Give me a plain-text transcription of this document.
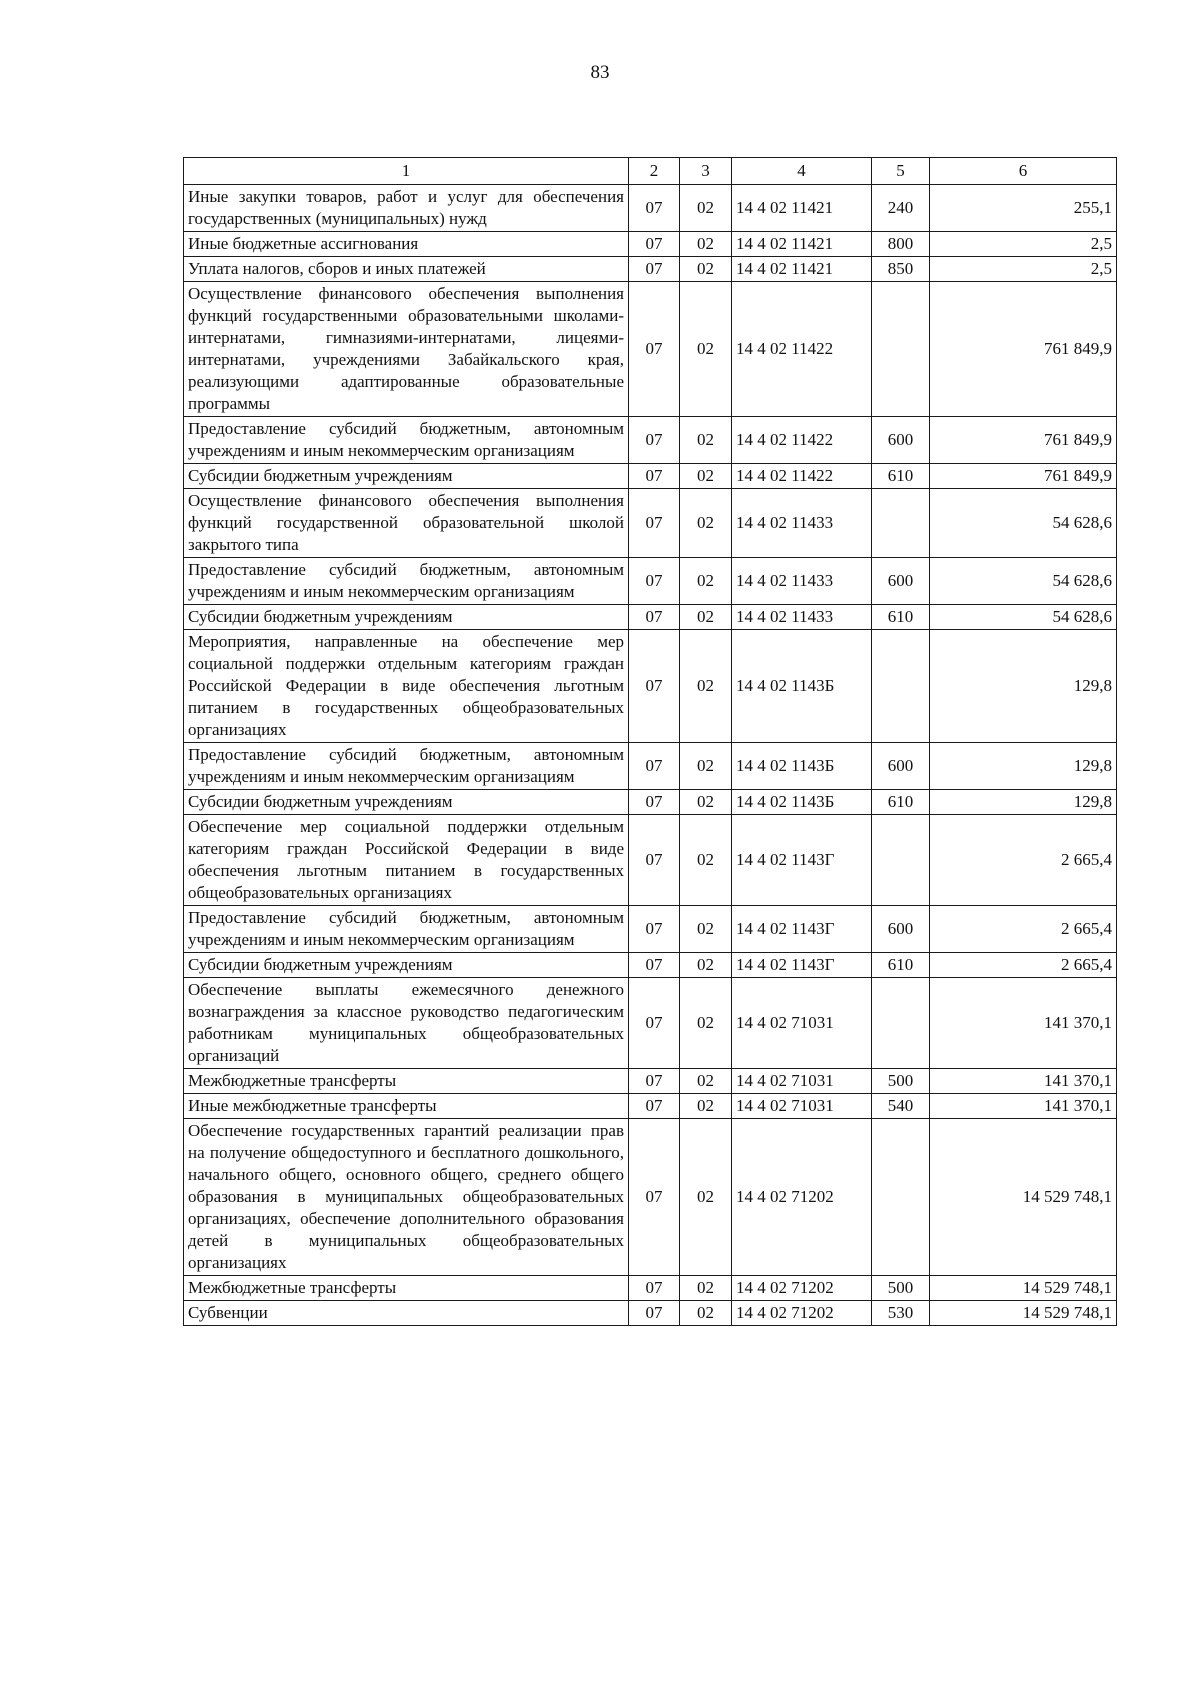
83
1	2	3	4	5	6
Иные закупки товаров, работ и услуг для обеспечения государственных (муниципальных) нужд	07	02	14 4 02 11421	240	255,1
Иные бюджетные ассигнования	07	02	14 4 02 11421	800	2,5
Уплата налогов, сборов и иных платежей	07	02	14 4 02 11421	850	2,5
Осуществление финансового обеспечения выполнения функций государственными образовательными школами-интернатами, гимназиями-интернатами, лицеями-интернатами, учреждениями Забайкальского края, реализующими адаптированные образовательные программы	07	02	14 4 02 11422		761 849,9
Предоставление субсидий бюджетным, автономным учреждениям и иным некоммерческим организациям	07	02	14 4 02 11422	600	761 849,9
Субсидии бюджетным учреждениям	07	02	14 4 02 11422	610	761 849,9
Осуществление финансового обеспечения выполнения функций государственной образовательной школой закрытого типа	07	02	14 4 02 11433		54 628,6
Предоставление субсидий бюджетным, автономным учреждениям и иным некоммерческим организациям	07	02	14 4 02 11433	600	54 628,6
Субсидии бюджетным учреждениям	07	02	14 4 02 11433	610	54 628,6
Мероприятия, направленные на обеспечение мер социальной поддержки отдельным категориям граждан Российской Федерации в виде обеспечения льготным питанием в государственных общеобразовательных организациях	07	02	14 4 02 1143Б		129,8
Предоставление субсидий бюджетным, автономным учреждениям и иным некоммерческим организациям	07	02	14 4 02 1143Б	600	129,8
Субсидии бюджетным учреждениям	07	02	14 4 02 1143Б	610	129,8
Обеспечение мер социальной поддержки отдельным категориям граждан Российской Федерации в виде обеспечения льготным питанием в государственных общеобразовательных организациях	07	02	14 4 02 1143Г		2 665,4
Предоставление субсидий бюджетным, автономным учреждениям и иным некоммерческим организациям	07	02	14 4 02 1143Г	600	2 665,4
Субсидии бюджетным учреждениям	07	02	14 4 02 1143Г	610	2 665,4
Обеспечение выплаты ежемесячного денежного вознаграждения за классное руководство педагогическим работникам муниципальных общеобразовательных организаций	07	02	14 4 02 71031		141 370,1
Межбюджетные трансферты	07	02	14 4 02 71031	500	141 370,1
Иные межбюджетные трансферты	07	02	14 4 02 71031	540	141 370,1
Обеспечение государственных гарантий реализации прав на получение общедоступного и бесплатного дошкольного, начального общего, основного общего, среднего общего образования в муниципальных общеобразовательных организациях, обеспечение дополнительного образования детей в муниципальных общеобразовательных организациях	07	02	14 4 02 71202		14 529 748,1
Межбюджетные трансферты	07	02	14 4 02 71202	500	14 529 748,1
Субвенции	07	02	14 4 02 71202	530	14 529 748,1
